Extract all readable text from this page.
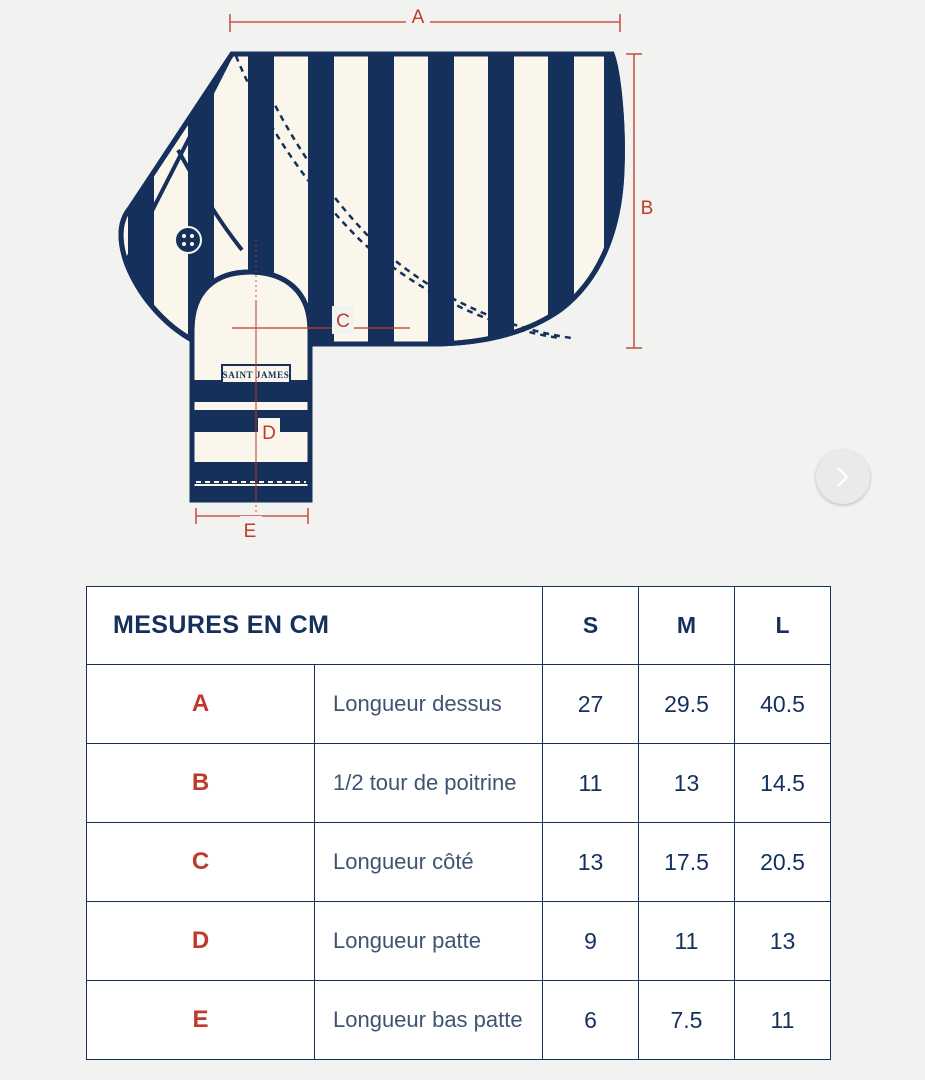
SAINT JAMES
A
B
C
D
E
MESURES EN CM		S	M	L
A	Longueur dessus	27	29.5	40.5
B	1/2 tour de poitrine	11	13	14.5
C	Longueur côté	13	17.5	20.5
D	Longueur patte	9	11	13
E	Longueur bas patte	6	7.5	11
